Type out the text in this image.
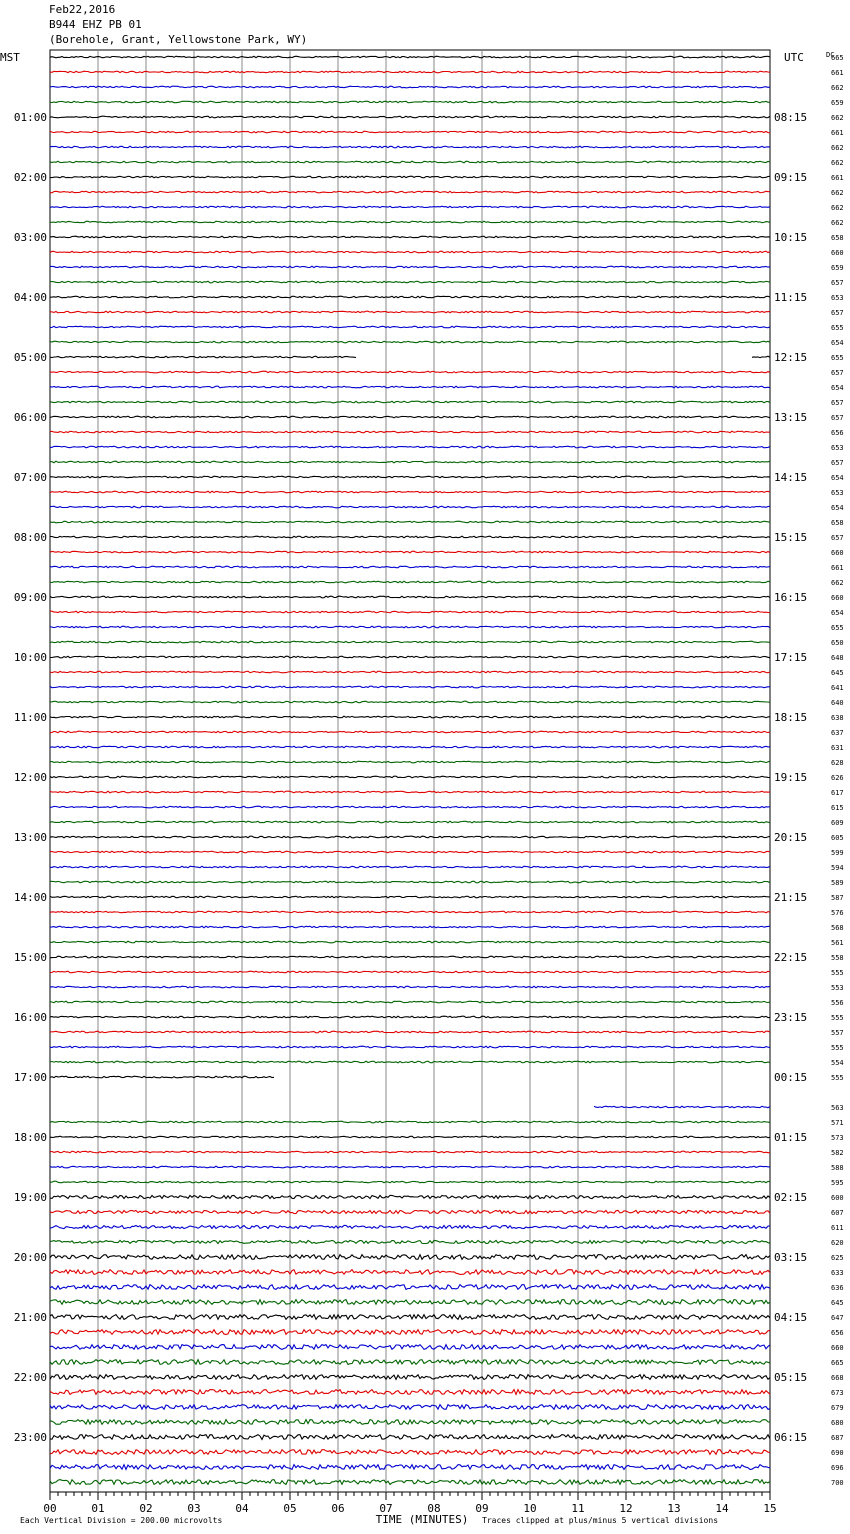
Feb22,2016
B944 EHZ PB 01
(Borehole, Grant, Yellowstone Park, WY)
MST	UTC	DC
01:00	08:15
02:00	09:15
03:00	10:15
04:00	11:15
05:00	12:15
06:00	13:15
07:00	14:15
08:00	15:15
09:00	16:15
10:00	17:15
11:00	18:15
12:00	19:15
13:00	20:15
14:00	21:15
15:00	22:15
16:00	23:15
17:00	00:15
18:00	01:15
19:00	02:15
20:00	03:15
21:00	04:15
22:00	05:15
23:00	06:15
665
661
662
659
662
661
662
662
661
662
662
662
658
660
659
657
653
657
655
654
655
657
654
657
657
656
653
657
654
653
654
658
657
660
661
662
660
654
655
650
648
645
641
640
638
637
631
628
626
617
615
609
605
599
594
589
587
576
568
561
558
555
553
556
555
557
555
554
555
563
571
573
582
588
595
600
607
611
620
625
633
636
645
647
656
660
665
668
673
679
680
687
690
696
700
00	01	02	03	04	05	06	07	08	09	10	11	12	13	14	15
TIME (MINUTES)
Each Vertical Division = 200.00 microvolts	Traces clipped at plus/minus 5 vertical divisions
